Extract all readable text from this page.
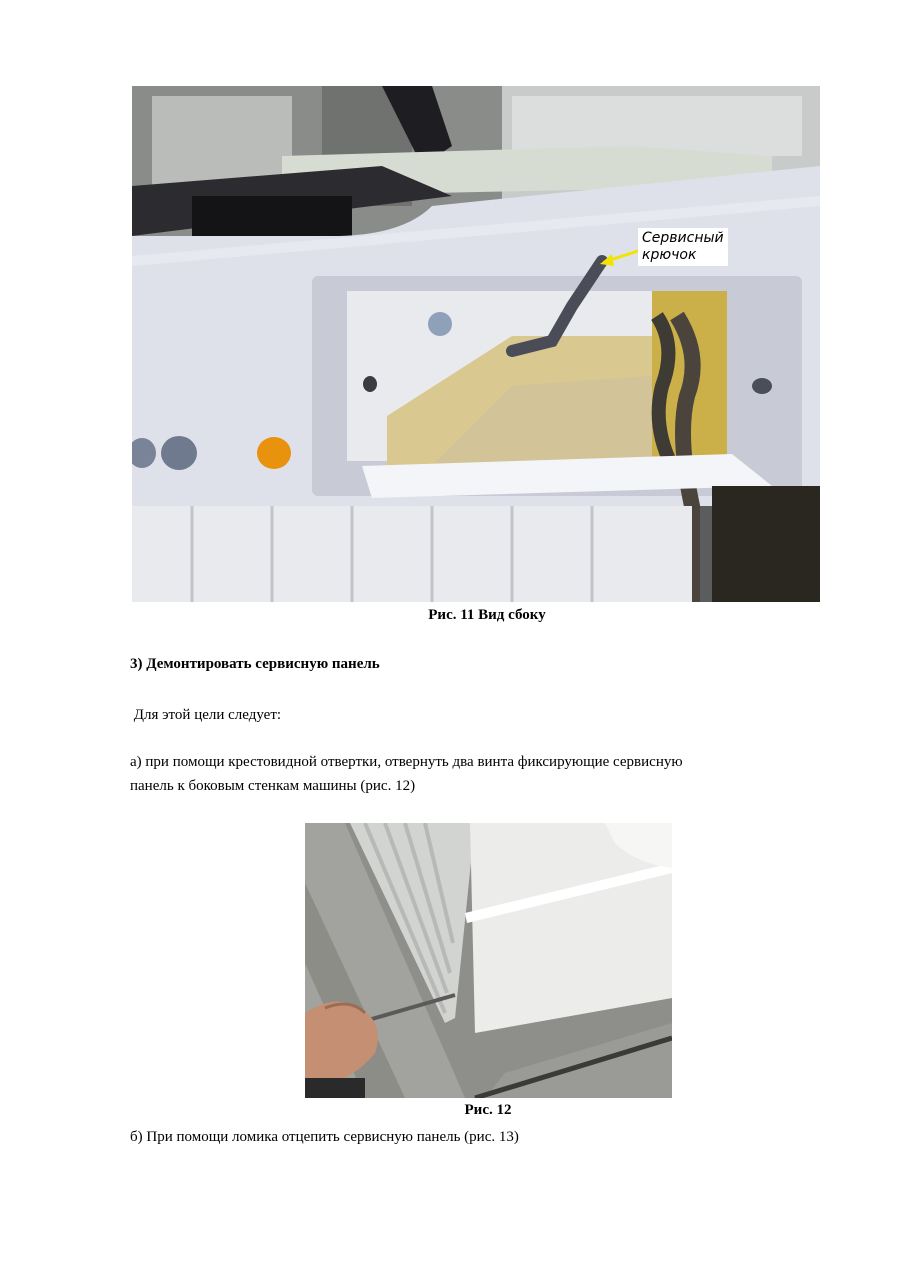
Сервисный
крючок
Рис. 11 Вид сбоку
3) Демонтировать сервисную панель
Для этой цели следует:
а) при помощи крестовидной отвертки, отвернуть два винта фиксирующие сервисную
панель к боковым стенкам машины (рис. 12)
Рис. 12
б) При помощи ломика отцепить сервисную панель (рис. 13)
